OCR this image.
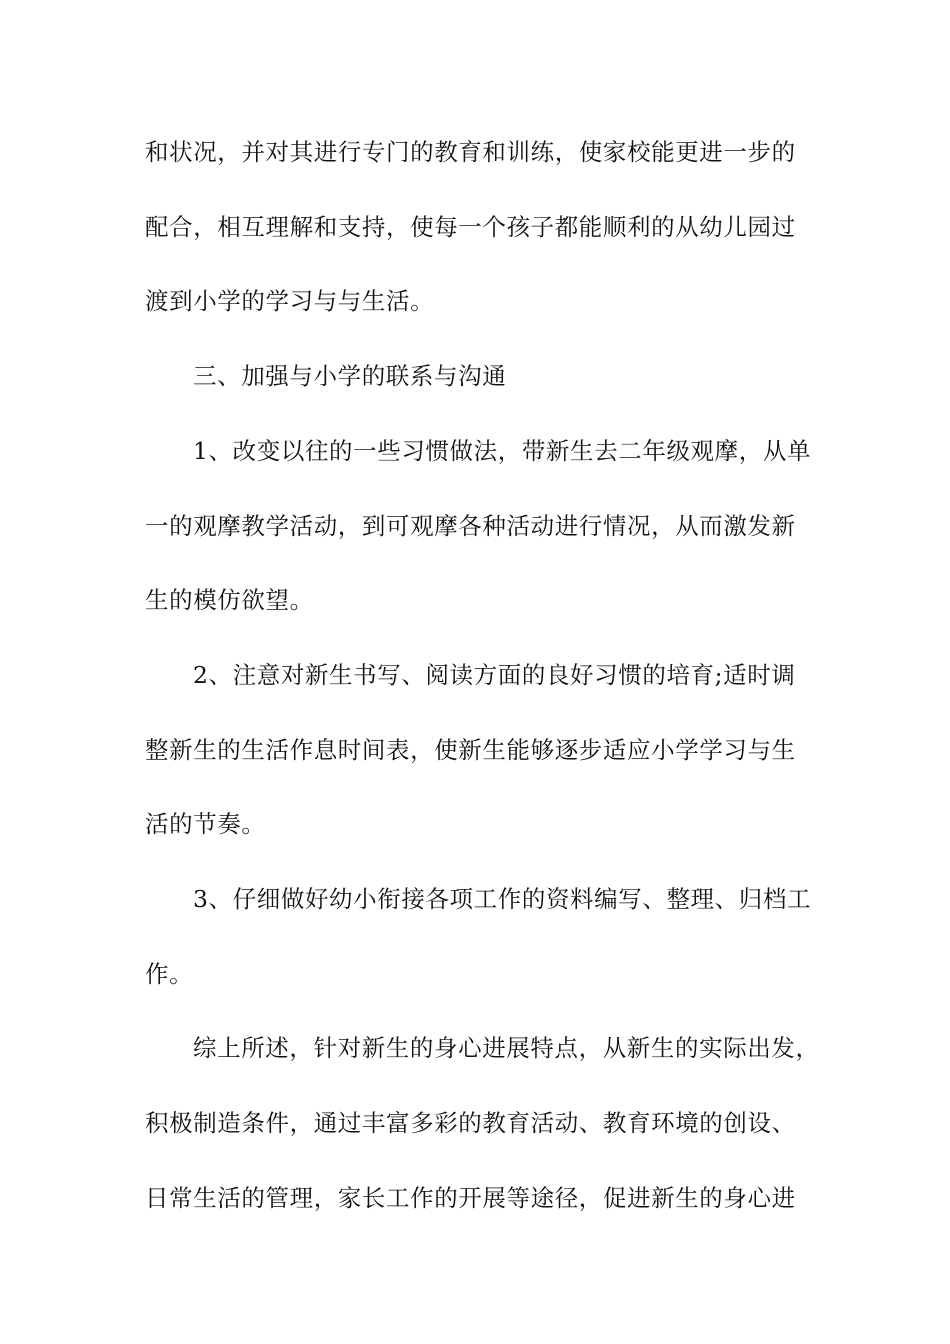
和状况，并对其进行专门的教育和训练，使家校能更进一步的

配合，相互理解和支持，使每一个孩子都能顺利的从幼儿园过

渡到小学的学习与与生活。

三、加强与小学的联系与沟通

1、改变以往的一些习惯做法，带新生去二年级观摩，从单

一的观摩教学活动，到可观摩各种活动进行情况，从而激发新

生的模仿欲望。

2、注意对新生书写、阅读方面的良好习惯的培育;适时调

整新生的生活作息时间表，使新生能够逐步适应小学学习与生

活的节奏。

3、仔细做好幼小衔接各项工作的资料编写、整理、归档工

作。

综上所述，针对新生的身心进展特点，从新生的实际出发，

积极制造条件，通过丰富多彩的教育活动、教育环境的创设、

日常生活的管理，家长工作的开展等途径，促进新生的身心进
